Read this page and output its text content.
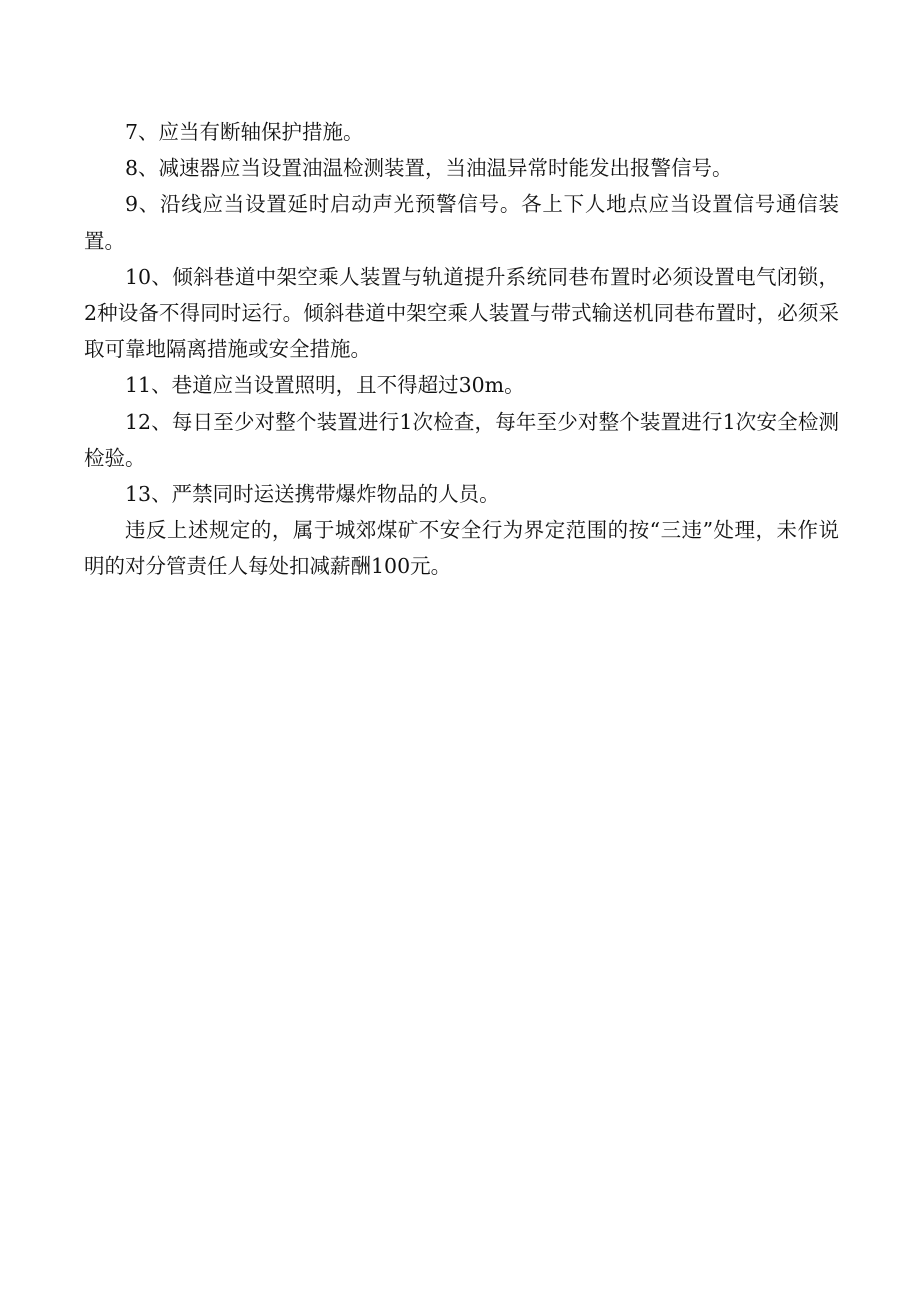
7、应当有断轴保护措施。

8、减速器应当设置油温检测装置，当油温异常时能发出报警信号。

9、沿线应当设置延时启动声光预警信号。各上下人地点应当设置信号通信装置。

10、倾斜巷道中架空乘人装置与轨道提升系统同巷布置时必须设置电气闭锁，2种设备不得同时运行。倾斜巷道中架空乘人装置与带式输送机同巷布置时，必须采取可靠地隔离措施或安全措施。

11、巷道应当设置照明，且不得超过30m。

12、每日至少对整个装置进行1次检查，每年至少对整个装置进行1次安全检测检验。

13、严禁同时运送携带爆炸物品的人员。

违反上述规定的，属于城郊煤矿不安全行为界定范围的按“三违”处理，未作说明的对分管责任人每处扣减薪酬100元。
